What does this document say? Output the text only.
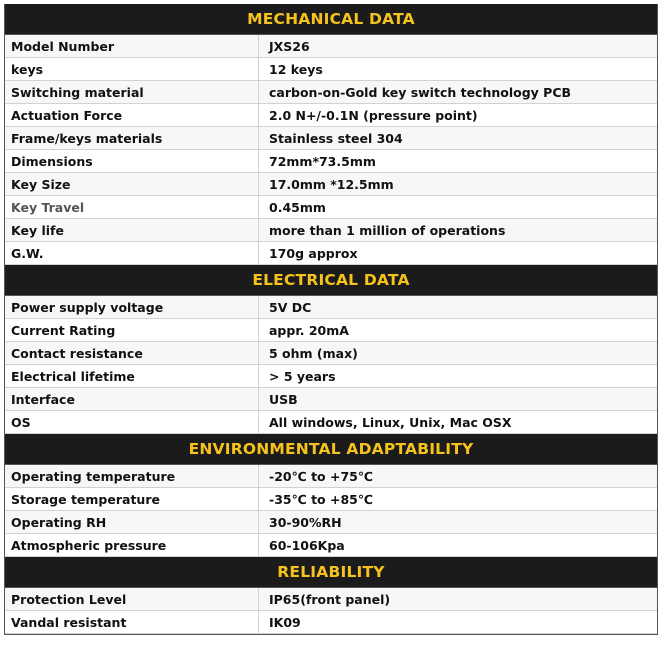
MECHANICAL DATA
Model Number	JXS26
keys	12 keys
Switching material	carbon-on-Gold key switch technology PCB
Actuation Force	2.0 N+/-0.1N (pressure point)
Frame/keys materials	Stainless steel 304
Dimensions	72mm*73.5mm
Key Size	17.0mm *12.5mm
Key Travel	0.45mm
Key life	more than 1 million of operations
G.W.	170g approx
ELECTRICAL DATA
Power supply voltage	5V DC
Current Rating	appr. 20mA
Contact resistance	5 ohm (max)
Electrical lifetime	> 5 years
Interface	USB
OS	All windows, Linux, Unix, Mac OSX
ENVIRONMENTAL ADAPTABILITY
Operating temperature	-20℃ to +75℃
Storage temperature	-35℃ to +85℃
Operating RH	30-90%RH
Atmospheric pressure	60-106Kpa
RELIABILITY
Protection Level	IP65(front panel)
Vandal resistant	IK09
